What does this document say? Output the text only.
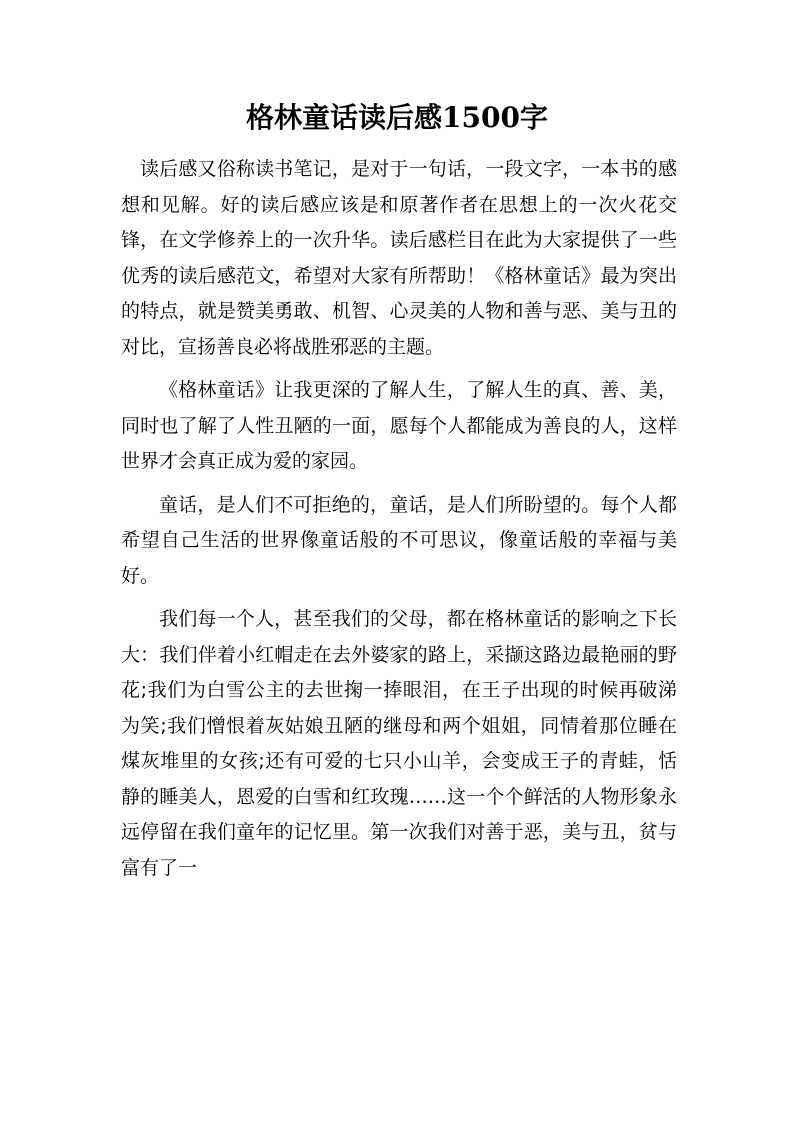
格林童话读后感1500字

读后感又俗称读书笔记，是对于一句话，一段文字，一本书的感想和见解。好的读后感应该是和原著作者在思想上的一次火花交锋，在文学修养上的一次升华。读后感栏目在此为大家提供了一些优秀的读后感范文，希望对大家有所帮助！《格林童话》最为突出的特点，就是赞美勇敢、机智、心灵美的人物和善与恶、美与丑的对比，宣扬善良必将战胜邪恶的主题。

《格林童话》让我更深的了解人生，了解人生的真、善、美，同时也了解了人性丑陋的一面，愿每个人都能成为善良的人，这样世界才会真正成为爱的家园。

童话，是人们不可拒绝的，童话，是人们所盼望的。每个人都希望自己生活的世界像童话般的不可思议，像童话般的幸福与美好。

我们每一个人，甚至我们的父母，都在格林童话的影响之下长大：我们伴着小红帽走在去外婆家的路上，采撷这路边最艳丽的野花;我们为白雪公主的去世掬一捧眼泪，在王子出现的时候再破涕为笑;我们憎恨着灰姑娘丑陋的继母和两个姐姐，同情着那位睡在煤灰堆里的女孩;还有可爱的七只小山羊，会变成王子的青蛙，恬静的睡美人，恩爱的白雪和红玫瑰……这一个个鲜活的人物形象永远停留在我们童年的记忆里。第一次我们对善于恶，美与丑，贫与富有了一
